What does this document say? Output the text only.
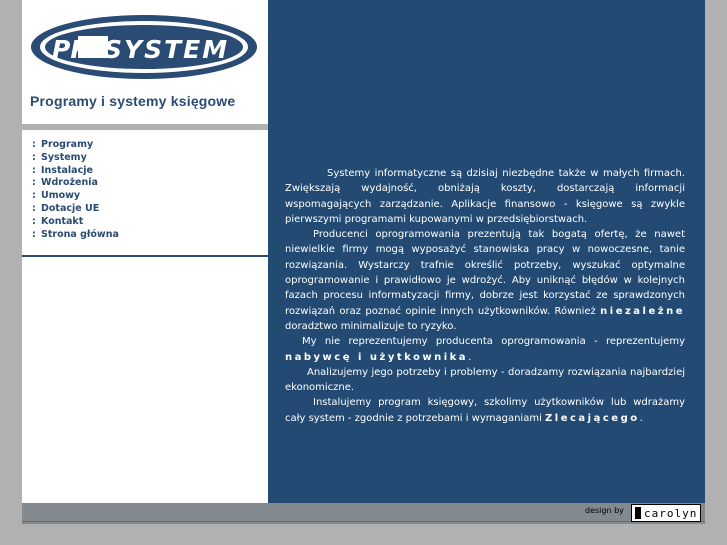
PK SYSTEM
Programy i systemy księgowe
: Programy
: Systemy
: Instalacje
: Wdrożenia
: Umowy
: Dotacje UE
: Kontakt
: Strona główna

Systemy informatyczne są dzisiaj niezbędne także w małych firmach. Zwiększają wydajność, obniżają koszty, dostarczają informacji wspomagających zarządzanie. Aplikacje finansowo - księgowe są zwykle pierwszymi programami kupowanymi w przedsiębiorstwach.

Producenci oprogramowania prezentują tak bogatą ofertę, że nawet niewielkie firmy mogą wyposażyć stanowiska pracy w nowoczesne, tanie rozwiązania. Wystarczy trafnie określić potrzeby, wyszukać optymalne oprogramowanie i prawidłowo je wdrożyć. Aby uniknąć błędów w kolejnych fazach procesu informatyzacji firmy, dobrze jest korzystać ze sprawdzonych rozwiązań oraz poznać opinie innych użytkowników. Również niezależne doradztwo minimalizuje to ryzyko.

My nie reprezentujemy producenta oprogramowania - reprezentujemy nabywcę i użytkownika.

Analizujemy jego potrzeby i problemy - doradzamy rozwiązania najbardziej ekonomiczne.

Instalujemy program księgowy, szkolimy użytkowników lub wdrażamy cały system - zgodnie z potrzebami i wymaganiami Zlecającego.

design by carolyn
